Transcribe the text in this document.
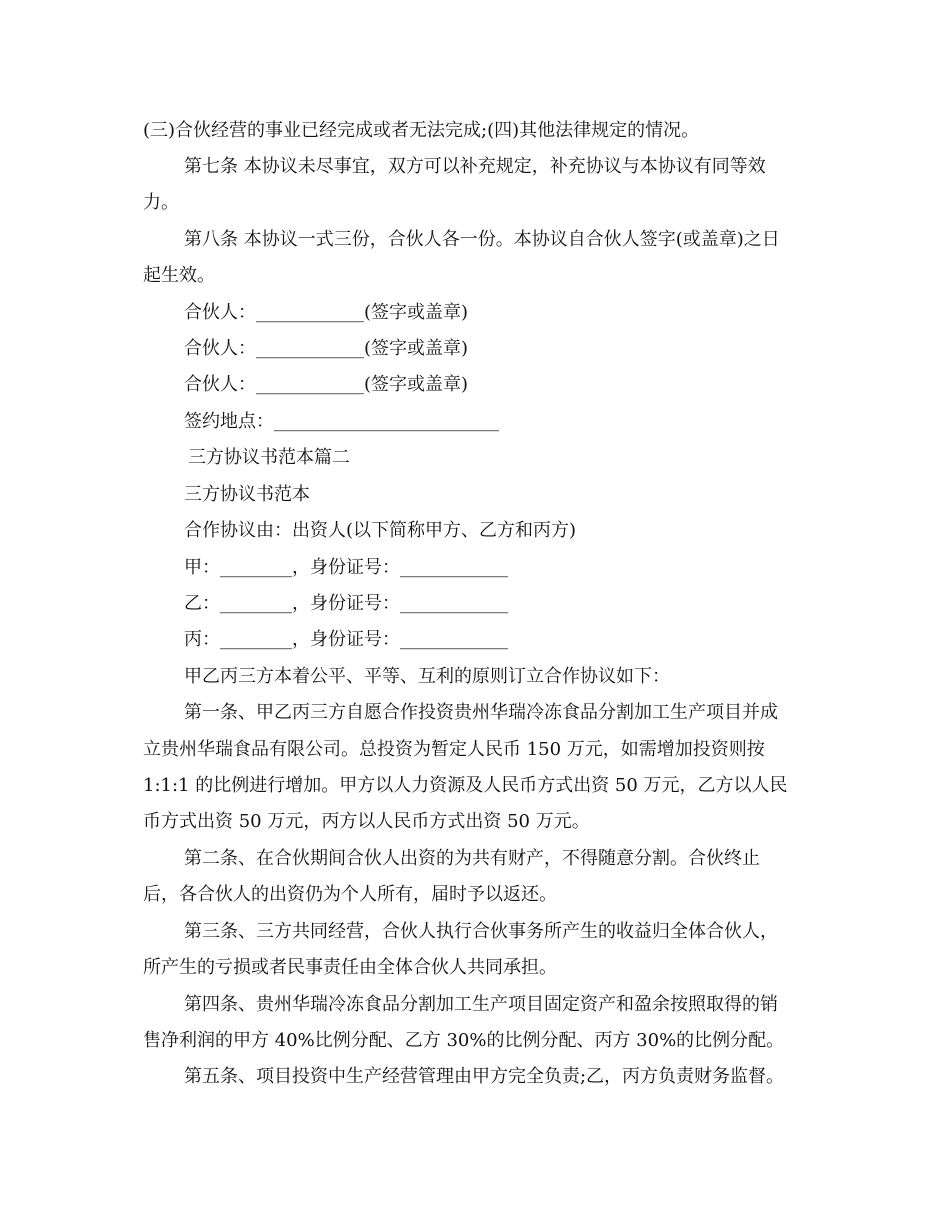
(三)合伙经营的事业已经完成或者无法完成;(四)其他法律规定的情况。
第七条 本协议未尽事宜，双方可以补充规定，补充协议与本协议有同等效
力。
第八条 本协议一式三份，合伙人各一份。本协议自合伙人签字(或盖章)之日
起生效。
合伙人：____________(签字或盖章)
合伙人：____________(签字或盖章)
合伙人：____________(签字或盖章)
签约地点：_________________________
三方协议书范本篇二
三方协议书范本
合作协议由：出资人(以下简称甲方、乙方和丙方)
甲：________，身份证号：____________
乙：________，身份证号：____________
丙：________，身份证号：____________
甲乙丙三方本着公平、平等、互利的原则订立合作协议如下：
第一条、甲乙丙三方自愿合作投资贵州华瑞冷冻食品分割加工生产项目并成
立贵州华瑞食品有限公司。总投资为暂定人民币 150 万元，如需增加投资则按
1:1:1 的比例进行增加。甲方以人力资源及人民币方式出资 50 万元，乙方以人民
币方式出资 50 万元，丙方以人民币方式出资 50 万元。
第二条、在合伙期间合伙人出资的为共有财产，不得随意分割。合伙终止
后，各合伙人的出资仍为个人所有，届时予以返还。
第三条、三方共同经营，合伙人执行合伙事务所产生的收益归全体合伙人，
所产生的亏损或者民事责任由全体合伙人共同承担。
第四条、贵州华瑞冷冻食品分割加工生产项目固定资产和盈余按照取得的销
售净利润的甲方 40%比例分配、乙方 30%的比例分配、丙方 30%的比例分配。
第五条、项目投资中生产经营管理由甲方完全负责;乙，丙方负责财务监督。
